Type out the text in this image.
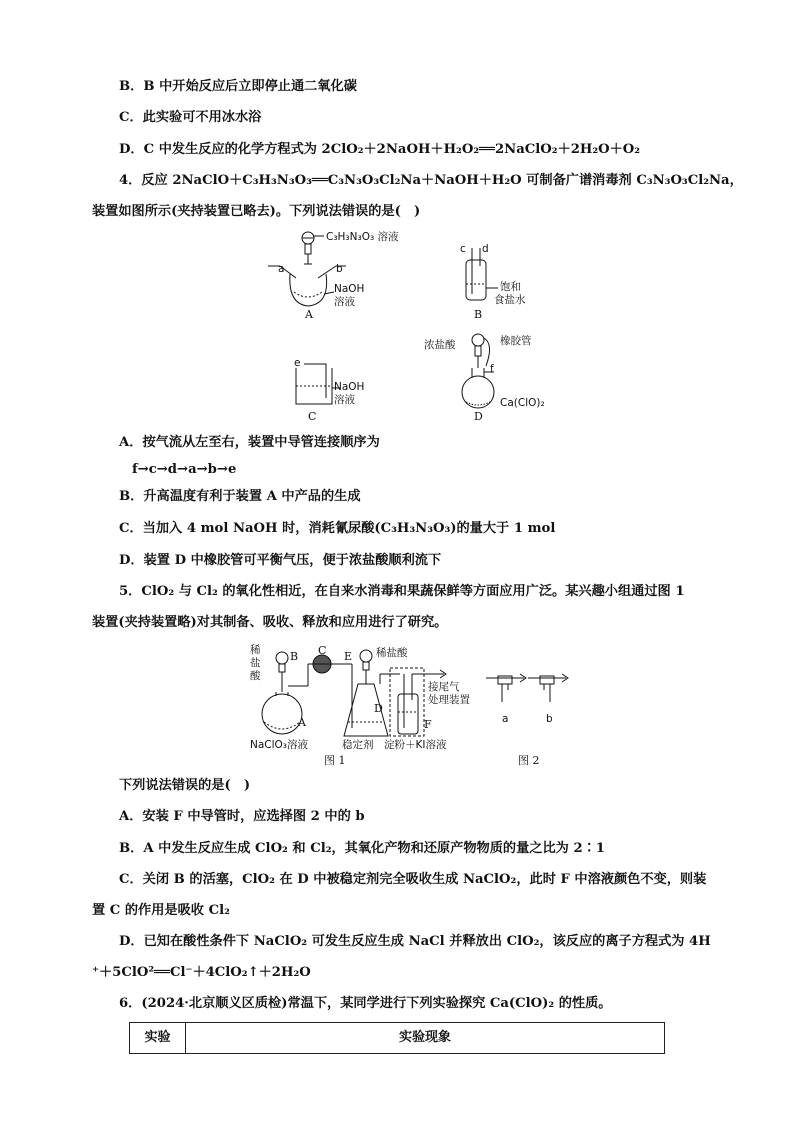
B．B 中开始反应后立即停止通二氧化碳
C．此实验可不用冰水浴
D．C 中发生反应的化学方程式为 2ClO₂＋2NaOH＋H₂O₂══2NaClO₂＋2H₂O＋O₂
4．反应 2NaClO＋C₃H₃N₃O₃══C₃N₃O₃Cl₂Na＋NaOH＋H₂O 可制备广谱消毒剂 C₃N₃O₃Cl₂Na，
装置如图所示(夹持装置已略去)。下列说法错误的是(　)
C₃H₃N₃O₃ 溶液
a	b
NaOH
溶液
A
c d
饱和
食盐水
B
e
NaOH
溶液
C
浓盐酸	橡胶管
f
Ca(ClO)₂
D
A．按气流从左至右，装置中导管连接顺序为
f→c→d→a→b→e
B．升高温度有利于装置 A 中产品的生成
C．当加入 4 mol NaOH 时，消耗氰尿酸(C₃H₃N₃O₃)的量大于 1 mol
D．装置 D 中橡胶管可平衡气压，便于浓盐酸顺利流下
5．ClO₂ 与 Cl₂ 的氧化性相近，在自来水消毒和果蔬保鲜等方面应用广泛。某兴趣小组通过图 1
装置(夹持装置略)对其制备、吸收、释放和应用进行了研究。
稀
盐
酸
B C E 稀盐酸
A
D
F
接尾气
处理装置
NaClO₃溶液	稳定剂 淀粉＋KI溶液
图 1
a	b
图 2
下列说法错误的是(　)
A．安装 F 中导管时，应选择图 2 中的 b
B．A 中发生反应生成 ClO₂ 和 Cl₂，其氧化产物和还原产物物质的量之比为 2∶1
C．关闭 B 的活塞，ClO₂ 在 D 中被稳定剂完全吸收生成 NaClO₂，此时 F 中溶液颜色不变，则装
置 C 的作用是吸收 Cl₂
D．已知在酸性条件下 NaClO₂ 可发生反应生成 NaCl 并释放出 ClO₂，该反应的离子方程式为 4H
⁺＋5ClO²══Cl⁻＋4ClO₂↑＋2H₂O
6．(2024·北京顺义区质检)常温下，某同学进行下列实验探究 Ca(ClO)₂ 的性质。
实验	实验现象
